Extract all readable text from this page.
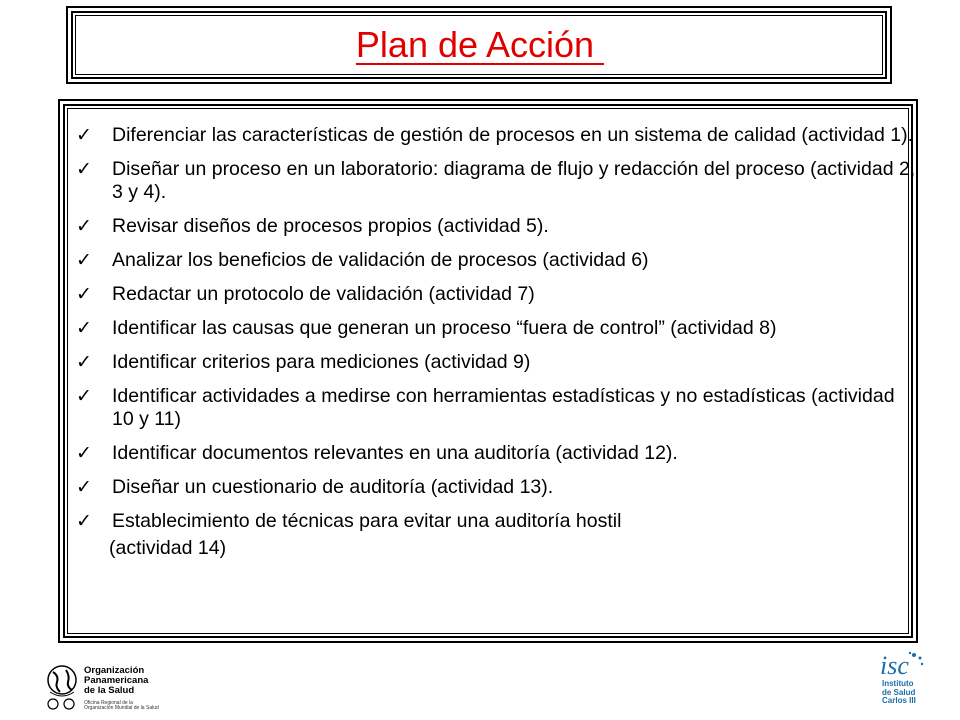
Plan de Acción
✓	Diferenciar las características de gestión de procesos en un sistema de calidad (actividad 1).
✓	Diseñar un proceso en un laboratorio: diagrama de flujo y redacción del proceso (actividad 2, 3 y 4).
✓	Revisar diseños de procesos propios (actividad 5).
✓	Analizar los beneficios de validación de procesos (actividad 6)
✓	Redactar un protocolo de validación (actividad 7)
✓	Identificar las causas que generan un proceso “fuera de control” (actividad 8)
✓	Identificar criterios para mediciones (actividad 9)
✓	Identificar actividades a medirse con herramientas estadísticas y no estadísticas (actividad 10 y 11)
✓	Identificar documentos relevantes en una auditoría (actividad 12).
✓	Diseñar un cuestionario de auditoría (actividad 13).
✓	Establecimiento de técnicas para evitar una auditoría hostil
(actividad 14)
Organización
Panamericana
de la Salud
Oficina Regional de la
Organización Mundial de la Salud
isc
Instituto
de Salud
Carlos III
